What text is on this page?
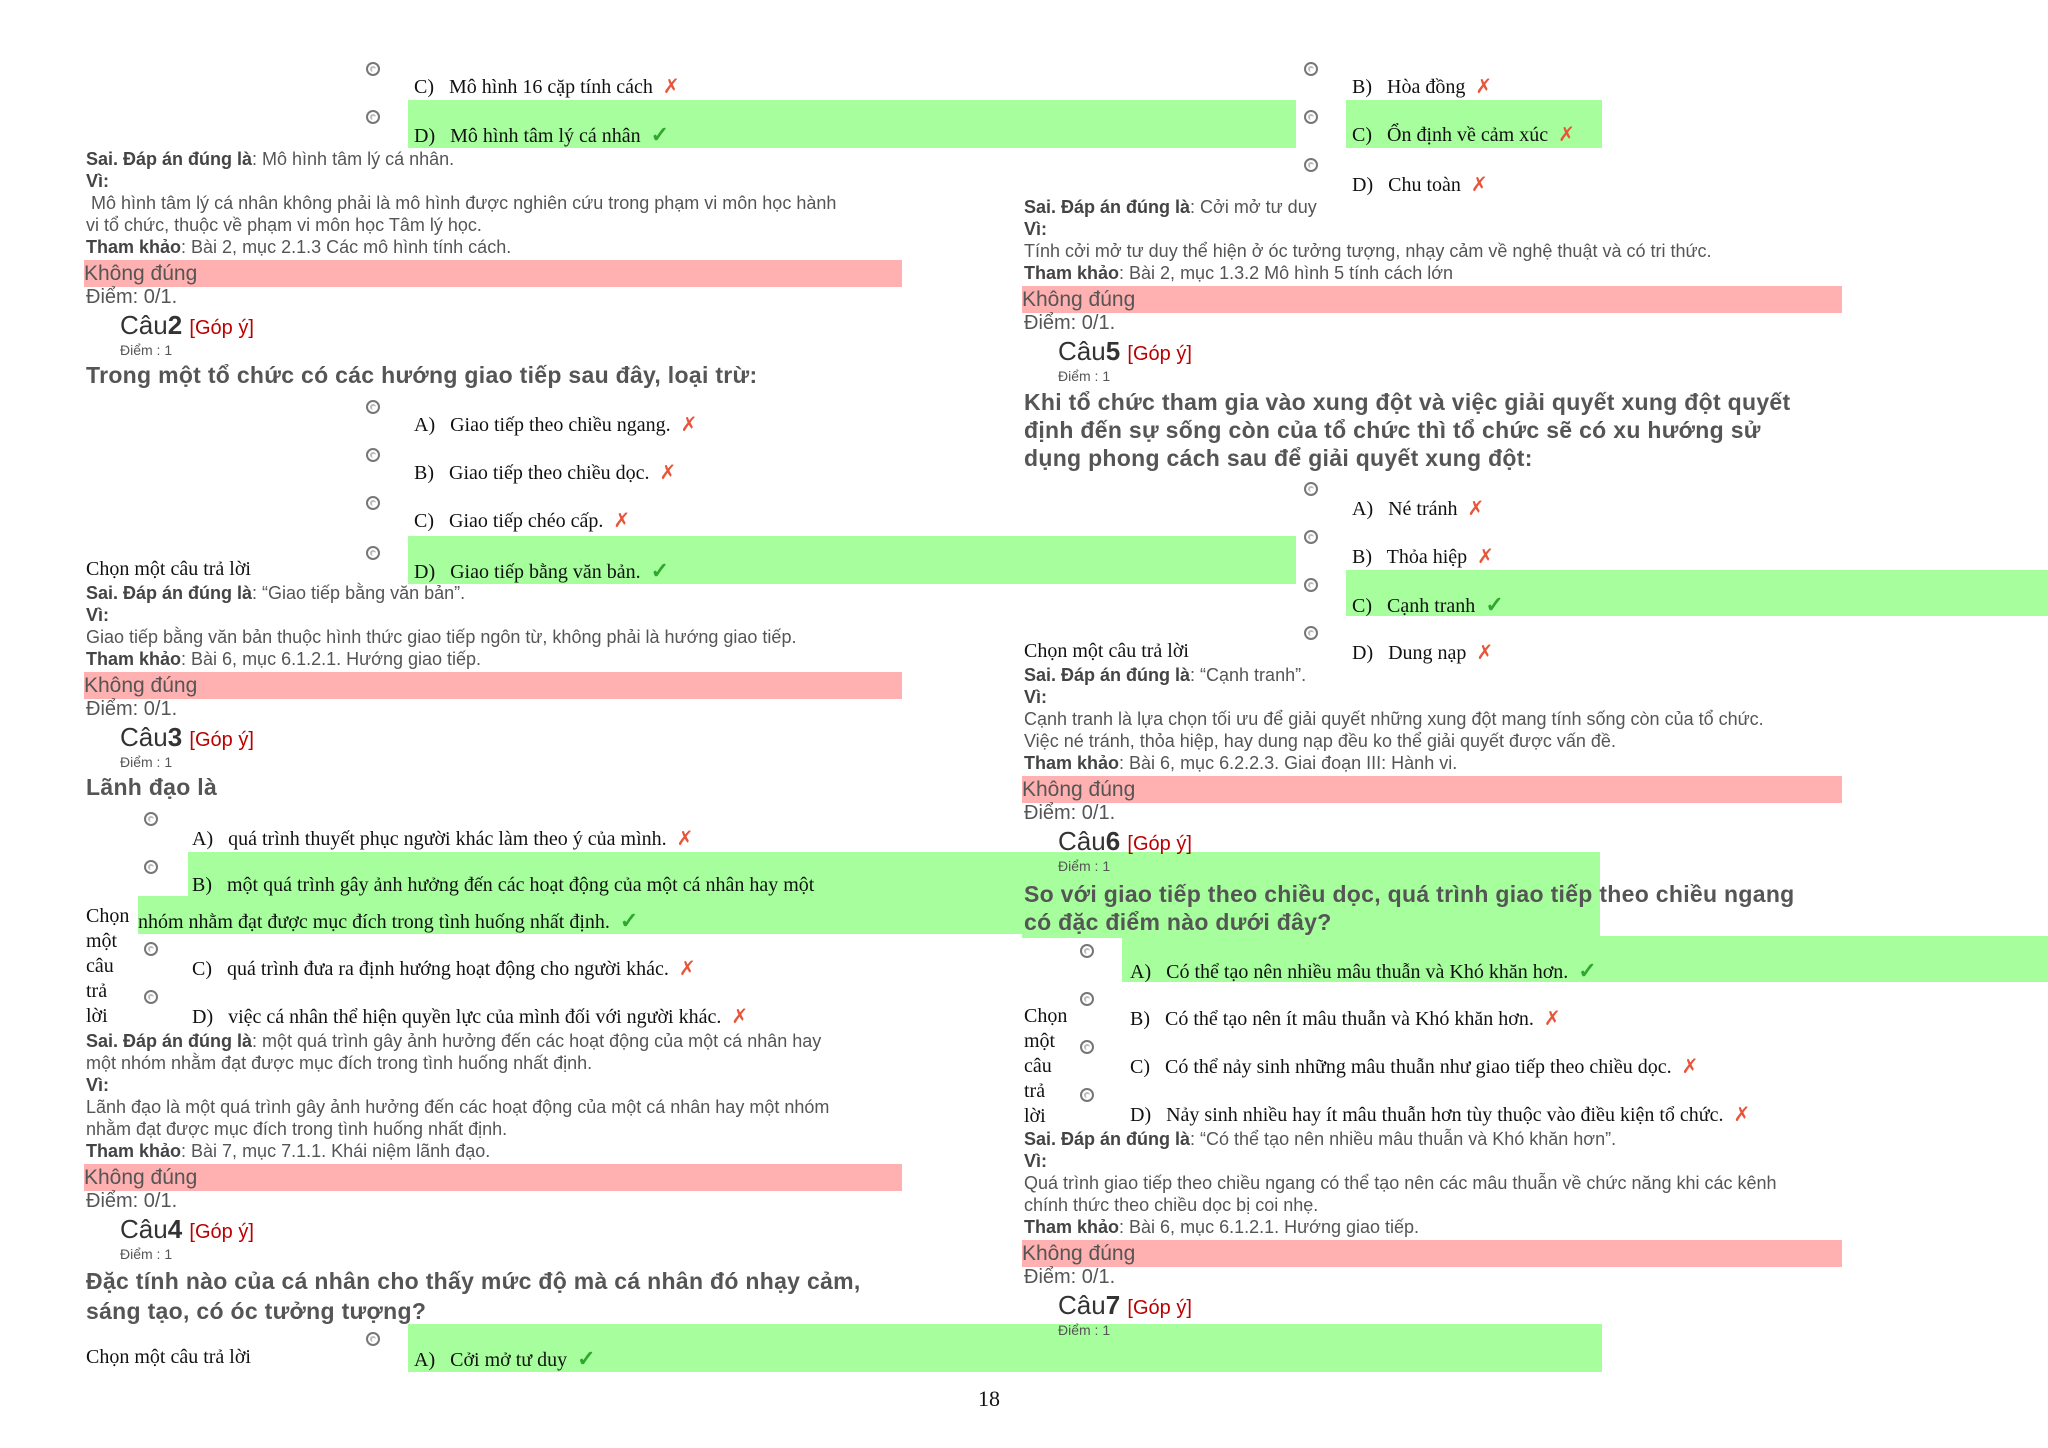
C) Mô hình 16 cặp tính cách ✗
D) Mô hình tâm lý cá nhân ✓
Sai. Đáp án đúng là: Mô hình tâm lý cá nhân.
Vì:
Mô hình tâm lý cá nhân không phải là mô hình được nghiên cứu trong phạm vi môn học hành
vi tổ chức, thuộc về phạm vi môn học Tâm lý học.
Tham khảo: Bài 2, mục 2.1.3 Các mô hình tính cách.
Không đúng
Điểm: 0/1.
Câu2 [Góp ý]
Điểm : 1
Trong một tổ chức có các hướng giao tiếp sau đây, loại trừ:
A) Giao tiếp theo chiều ngang. ✗
B) Giao tiếp theo chiều dọc. ✗
C) Giao tiếp chéo cấp. ✗
Chọn một câu trả lời	D) Giao tiếp bằng văn bản. ✓
Sai. Đáp án đúng là: “Giao tiếp bằng văn bản”.
Vì:
Giao tiếp bằng văn bản thuộc hình thức giao tiếp ngôn từ, không phải là hướng giao tiếp.
Tham khảo: Bài 6, mục 6.1.2.1. Hướng giao tiếp.
Không đúng
Điểm: 0/1.
Câu3 [Góp ý]
Điểm : 1
Lãnh đạo là
A) quá trình thuyết phục người khác làm theo ý của mình. ✗
B) một quá trình gây ảnh hưởng đến các hoạt động của một cá nhân hay một
nhóm nhằm đạt được mục đích trong tình huống nhất định. ✓
Chọn
một
câu
trả
lời
C) quá trình đưa ra định hướng hoạt động cho người khác. ✗
D) việc cá nhân thể hiện quyền lực của mình đối với người khác. ✗
Sai. Đáp án đúng là: một quá trình gây ảnh hưởng đến các hoạt động của một cá nhân hay
một nhóm nhằm đạt được mục đích trong tình huống nhất định.
Vì:
Lãnh đạo là một quá trình gây ảnh hưởng đến các hoạt động của một cá nhân hay một nhóm
nhằm đạt được mục đích trong tình huống nhất định.
Tham khảo: Bài 7, mục 7.1.1. Khái niệm lãnh đạo.
Không đúng
Điểm: 0/1.
Câu4 [Góp ý]
Điểm : 1
Đặc tính nào của cá nhân cho thấy mức độ mà cá nhân đó nhạy cảm,
sáng tạo, có óc tưởng tượng?
Chọn một câu trả lời	A) Cởi mở tư duy ✓
B) Hòa đồng ✗
C) Ổn định về cảm xúc ✗
D) Chu toàn ✗
Sai. Đáp án đúng là: Cởi mở tư duy
Vì:
Tính cởi mở tư duy thể hiện ở óc tưởng tượng, nhạy cảm về nghệ thuật và có tri thức.
Tham khảo: Bài 2, mục 1.3.2 Mô hình 5 tính cách lớn
Không đúng
Điểm: 0/1.
Câu5 [Góp ý]
Điểm : 1
Khi tổ chức tham gia vào xung đột và việc giải quyết xung đột quyết
định đến sự sống còn của tổ chức thì tổ chức sẽ có xu hướng sử
dụng phong cách sau để giải quyết xung đột:
A) Né tránh ✗
B) Thỏa hiệp ✗
C) Cạnh tranh ✓
Chọn một câu trả lời	D) Dung nạp ✗
Sai. Đáp án đúng là: “Cạnh tranh”.
Vì:
Cạnh tranh là lựa chọn tối ưu để giải quyết những xung đột mang tính sống còn của tổ chức.
Việc né tránh, thỏa hiệp, hay dung nạp đều ko thể giải quyết được vấn đề.
Tham khảo: Bài 6, mục 6.2.2.3. Giai đoạn III: Hành vi.
Không đúng
Điểm: 0/1.
Câu6 [Góp ý]
Điểm : 1
So với giao tiếp theo chiều dọc, quá trình giao tiếp theo chiều ngang
có đặc điểm nào dưới đây?
A) Có thể tạo nên nhiều mâu thuẫn và Khó khăn hơn. ✓
Chọn
một
câu
trả
lời
B) Có thể tạo nên ít mâu thuẫn và Khó khăn hơn. ✗
C) Có thể nảy sinh những mâu thuẫn như giao tiếp theo chiều dọc. ✗
D) Nảy sinh nhiều hay ít mâu thuẫn hơn tùy thuộc vào điều kiện tổ chức. ✗
Sai. Đáp án đúng là: “Có thể tạo nên nhiều mâu thuẫn và Khó khăn hơn”.
Vì:
Quá trình giao tiếp theo chiều ngang có thể tạo nên các mâu thuẫn về chức năng khi các kênh
chính thức theo chiều dọc bị coi nhẹ.
Tham khảo: Bài 6, mục 6.1.2.1. Hướng giao tiếp.
Không đúng
Điểm: 0/1.
Câu7 [Góp ý]
Điểm : 1
18
